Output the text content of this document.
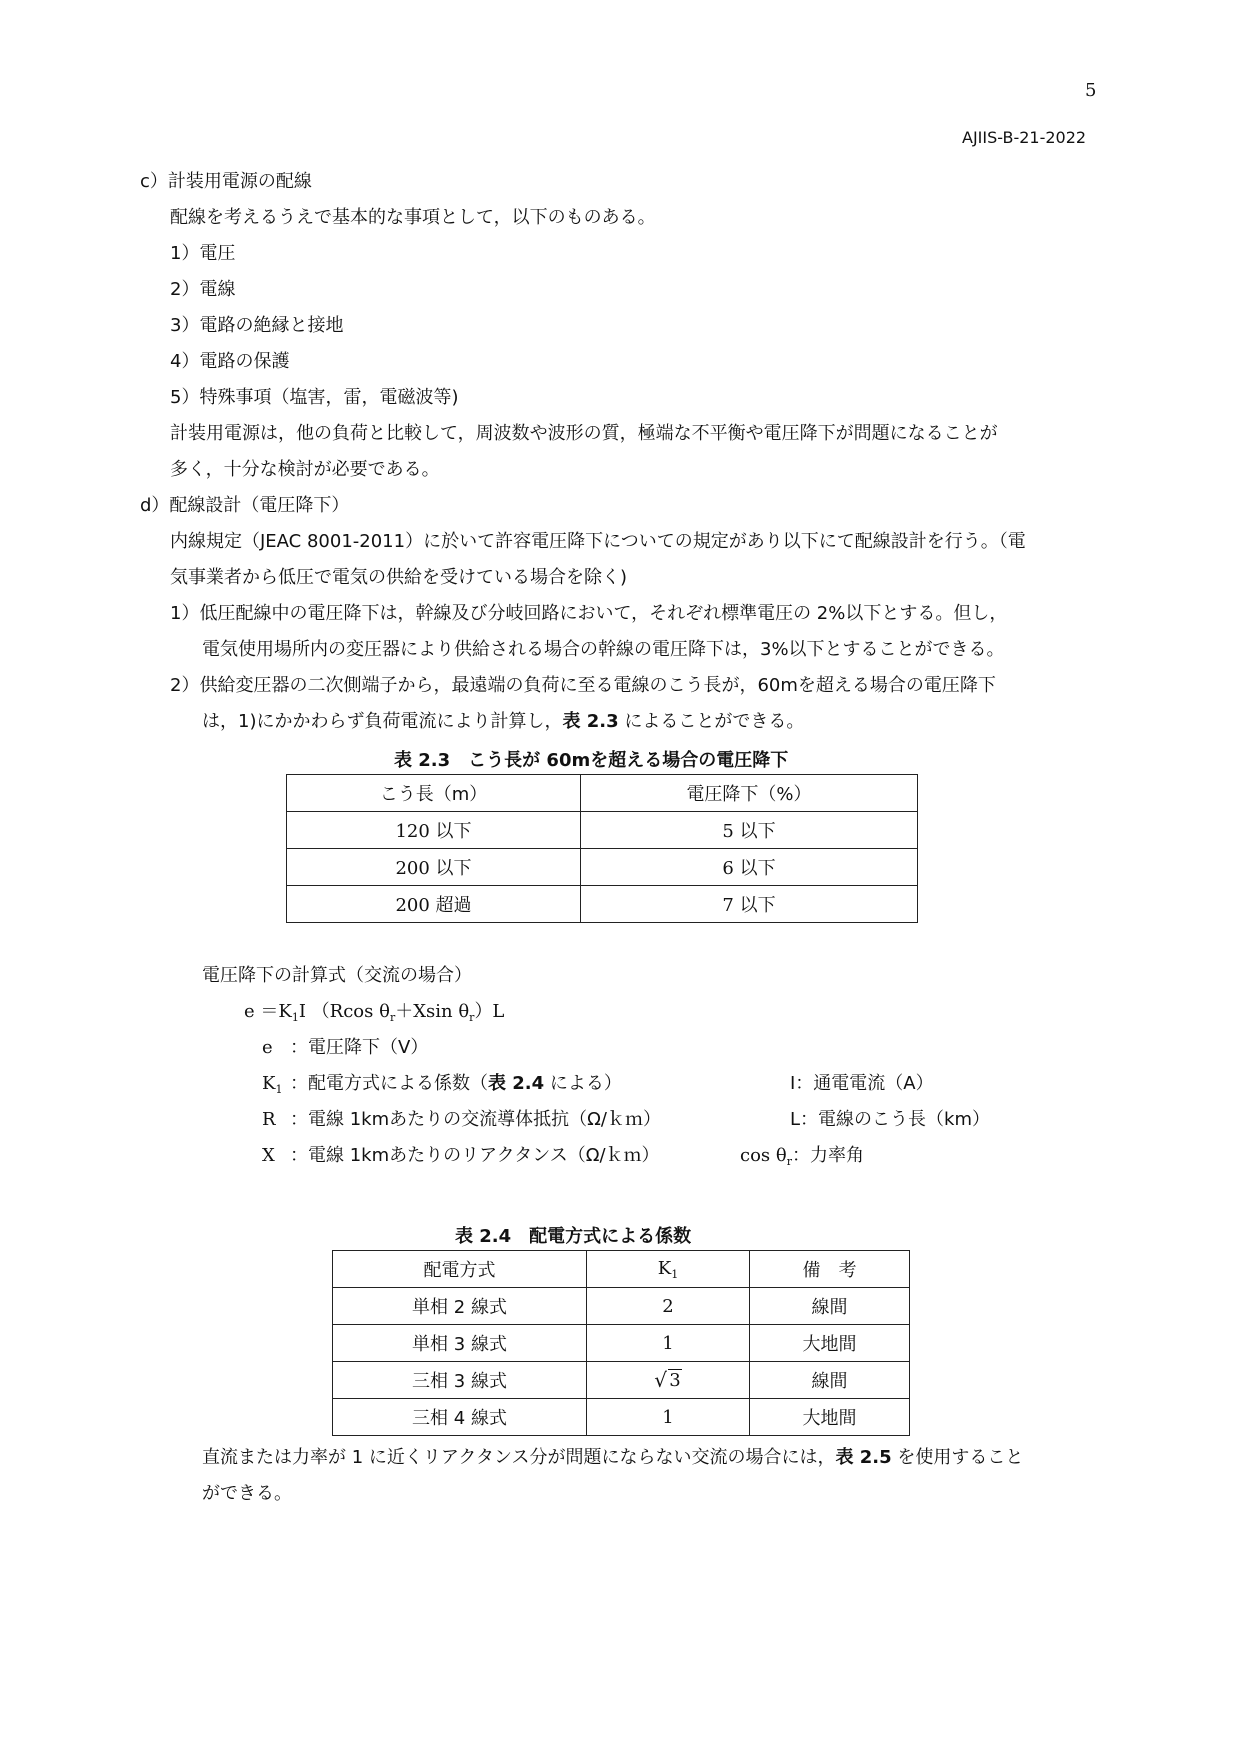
5
AJIIS-B-21-2022
c）計装用電源の配線
配線を考えるうえで基本的な事項として，以下のものある。
1）電圧
2）電線
3）電路の絶縁と接地
4）電路の保護
5）特殊事項（塩害，雷，電磁波等)
計装用電源は，他の負荷と比較して，周波数や波形の質，極端な不平衡や電圧降下が問題になることが
多く，十分な検討が必要である。
d）配線設計（電圧降下）
内線規定（JEAC 8001-2011）に於いて許容電圧降下についての規定があり以下にて配線設計を行う。（電
気事業者から低圧で電気の供給を受けている場合を除く)
1）低圧配線中の電圧降下は，幹線及び分岐回路において，それぞれ標準電圧の 2%以下とする。但し，
電気使用場所内の変圧器により供給される場合の幹線の電圧降下は，3%以下とすることができる。
2）供給変圧器の二次側端子から，最遠端の負荷に至る電線のこう長が，60mを超える場合の電圧降下
は，1)にかかわらず負荷電流により計算し，表 2.3 によることができる。
表 2.3　こう長が 60mを超える場合の電圧降下
こう長（m）	電圧降下（%）
120 以下	5 以下
200 以下	6 以下
200 超過	7 以下
電圧降下の計算式（交流の場合）
$e =K_1I$ （Rcos $\theta_r+Xsin$ $\theta_r)L$
e ：電圧降下（V）
$K_1$ ：配電方式による係数（表 2.4 による）	I：通電電流（A）
R ：電線 1kmあたりの交流導体抵抗（Ω/ｋｍ）	L：電線のこう長（km）
X ：電線 1kmあたりのリアクタンス（Ω/ｋｍ）	$\cos \theta_r$：力率角
表 2.4　配電方式による係数
配電方式	$K_1$	備　考
単相 2 線式	2	線間
単相 3 線式	1	大地間
三相 3 線式	√ 3	線間
三相 4 線式	1	大地間
直流または力率が 1 に近くリアクタンス分が問題にならない交流の場合には，表 2.5 を使用すること
ができる。
